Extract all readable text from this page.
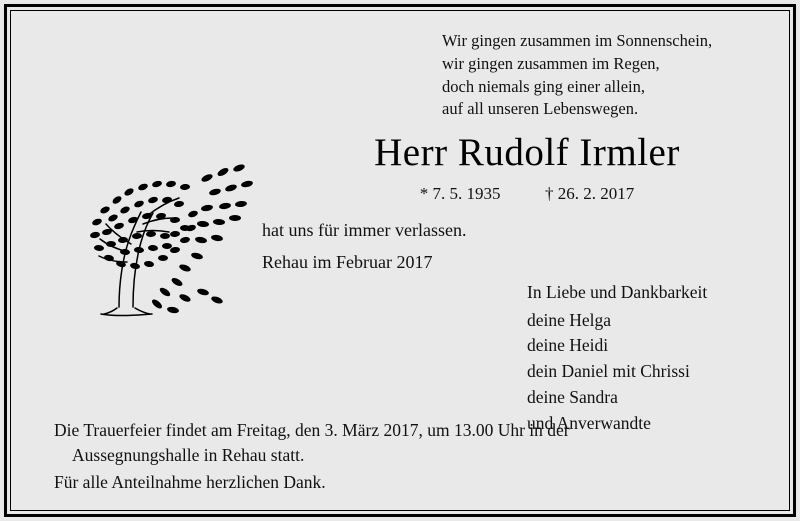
Wir gingen zusammen im Sonnenschein,
wir gingen zusammen im Regen,
doch niemals ging einer allein,
auf all unseren Lebenswegen.
Herr Rudolf Irmler
* 7. 5. 1935	† 26. 2. 2017
hat uns für immer verlassen.
Rehau im Februar 2017
In Liebe und Dankbarkeit
deine Helga
deine Heidi
dein Daniel mit Chrissi
deine Sandra
und Anverwandte
Die Trauerfeier findet am Freitag, den 3. März 2017, um 13.00 Uhr in der
Aussegnungshalle in Rehau statt.
Für alle Anteilnahme herzlichen Dank.
